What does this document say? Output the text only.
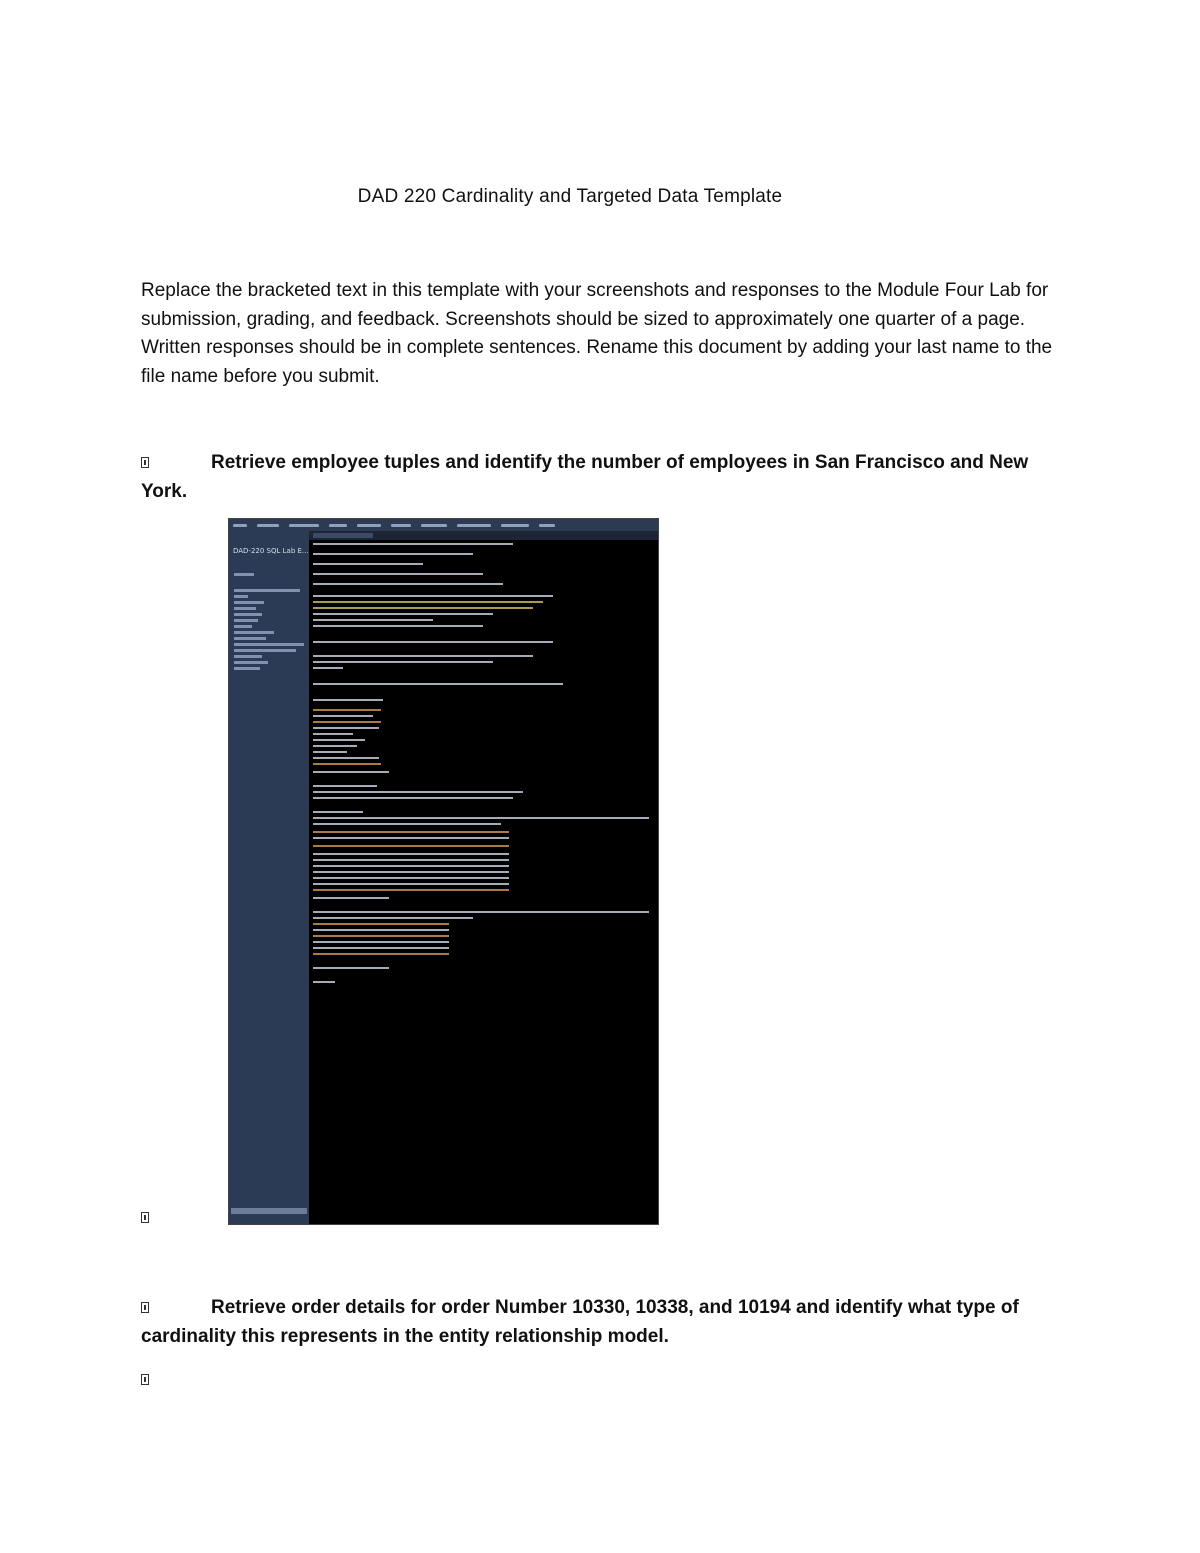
DAD 220 Cardinality and Targeted Data Template
Replace the bracketed text in this template with your screenshots and responses to the Module Four Lab for submission, grading, and feedback. Screenshots should be sized to approximately one quarter of a page. Written responses should be in complete sentences. Rename this document by adding your last name to the file name before you submit.
Retrieve employee tuples and identify the number of employees in San Francisco and New York.
DAD-220 SQL Lab E...
Retrieve order details for order Number 10330, 10338, and 10194 and identify what type of cardinality this represents in the entity relationship model.
